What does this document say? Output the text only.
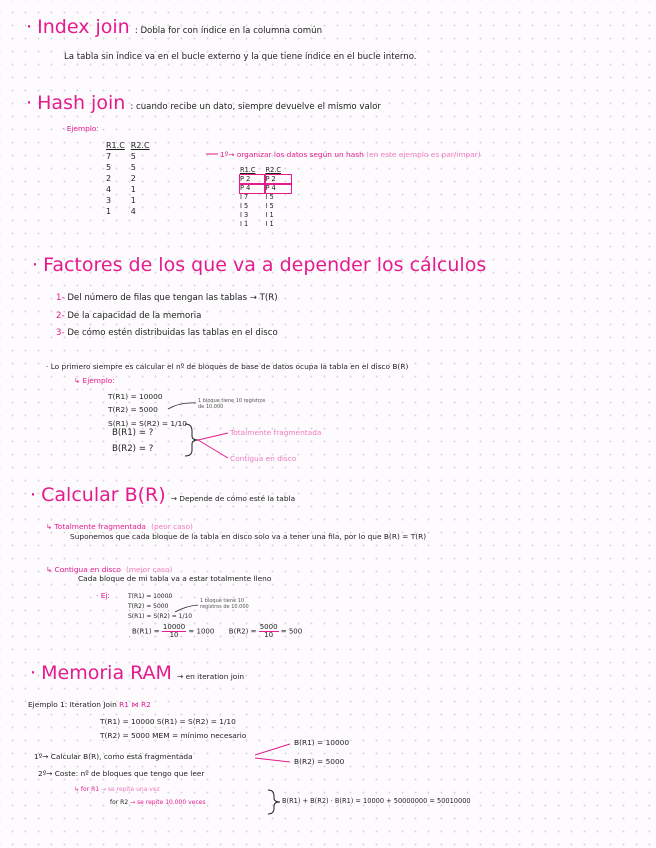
· Index join : Dobla for con índice en la columna común
La tabla sin índice va en el bucle externo y la que tiene índice en el bucle interno.
· Hash join : cuando recibe un dato, siempre devuelve el mismo valor
· Ejemplo:
R1.C	R2.C
7	5
5	5
2	2
4	1
3	1
1	4
1º→ organizar los datos según un hash (en este ejemplo es par/impar)
R1.C	R2.C
P 2	P 2
P 4	P 4
I 7	I 5
I 5	I 5
I 3	I 1
I 1	I 1
· Factores de los que va a depender los cálculos
1- Del número de filas que tengan las tablas → T(R)
2- De la capacidad de la memoria
3- De cómo estén distribuidas las tablas en el disco
· Lo primero siempre es calcular el nº de bloques de base de datos ocupa la tabla en el disco B(R)
↳ Ejemplo:
T(R1) = 10000
T(R2) = 5000
S(R1) = S(R2) = 1/10
1 bloque tiene 10 registros de 10.000
B(R1) = ?
B(R2) = ?
Totalmente fragmentada
Contigua en disco
· Calcular B(R) → Depende de cómo esté la tabla
↳ Totalmente fragmentada (peor caso)
Suponemos que cada bloque de la tabla en disco solo va a tener una fila, por lo que B(R) = T(R)
↳ Contigua en disco (mejor caso)
Cada bloque de mi tabla va a estar totalmente lleno
· Ej:	T(R1) = 10000
T(R2) = 5000
S(R1) = S(R2) = 1/10
1 bloque tiene 10 registros de 10.000
$B(R1) = \frac{10000}{10} = 1000$ $B(R2) = \frac{5000}{10} = 500$
· Memoria RAM → en iteration join
Ejemplo 1: Iteration Join R1 ⋈ R2
T(R1) = 10000 S(R1) = S(R2) = 1/10
T(R2) = 5000 MEM = mínimo necesario
1º→ Calcular B(R), como está fragmentada
B(R1) = 10000
B(R2) = 5000
2º→ Coste: nº de bloques que tengo que leer
↳ for R1 → se repite una vez
for R2 → se repite 10.000 veces	B(R1) + B(R2) · B(R1) = 10000 + 50000000 = 50010000
